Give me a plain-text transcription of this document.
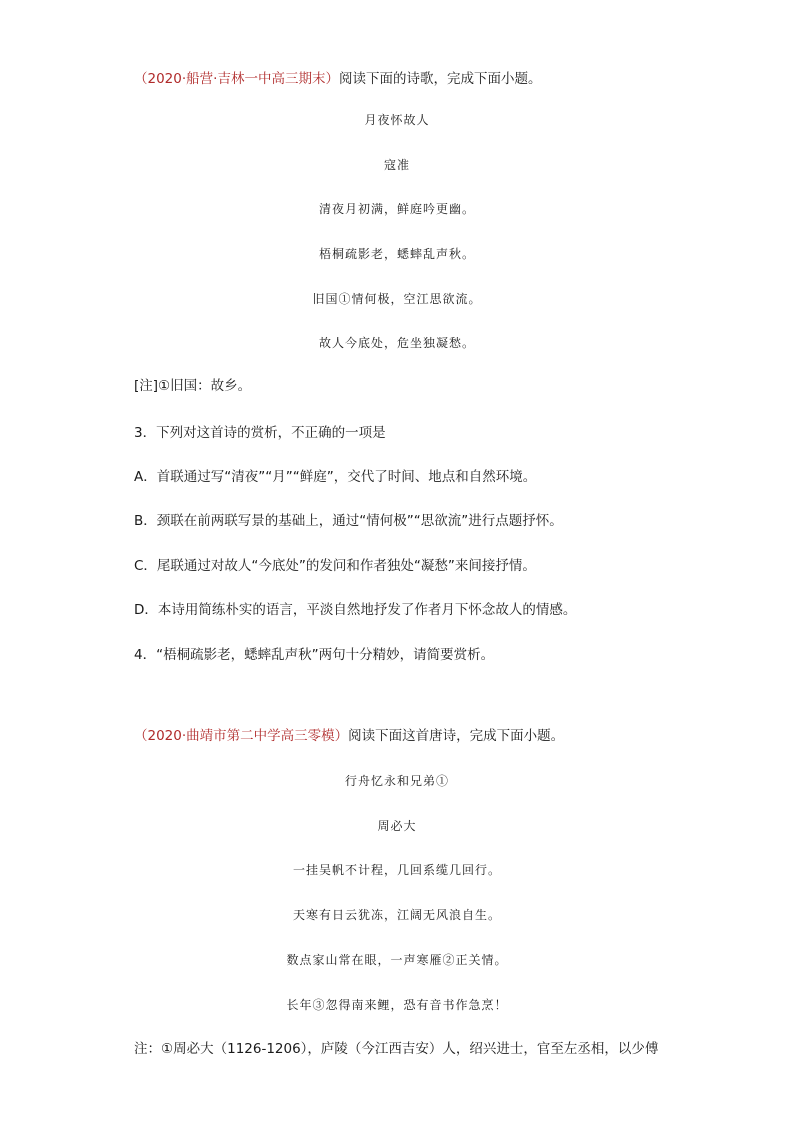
（2020·船营·吉林一中高三期末）阅读下面的诗歌，完成下面小题。
月夜怀故人
寇准
清夜月初满，鲜庭吟更幽。
梧桐疏影老，蟋蟀乱声秋。
旧国①情何极，空江思欲流。
故人今底处，危坐独凝愁。
[注]①旧国：故乡。
3．下列对这首诗的赏析，不正确的一项是
A．首联通过写“清夜”“月”“鲜庭”，交代了时间、地点和自然环境。
B．颈联在前两联写景的基础上，通过“情何极”“思欲流”进行点题抒怀。
C．尾联通过对故人“今底处”的发问和作者独处“凝愁”来间接抒情。
D．本诗用简练朴实的语言，平淡自然地抒发了作者月下怀念故人的情感。
4．“梧桐疏影老，蟋蟀乱声秋”两句十分精妙，请简要赏析。
（2020·曲靖市第二中学高三零模）阅读下面这首唐诗，完成下面小题。
行舟忆永和兄弟①
周必大
一挂吴帆不计程，几回系缆几回行。
天寒有日云犹冻，江阔无风浪自生。
数点家山常在眼，一声寒雁②正关情。
长年③忽得南来鲤，恐有音书作急烹！
注：①周必大（1126-1206），庐陵（今江西吉安）人，绍兴进士，官至左丞相，以少傅
